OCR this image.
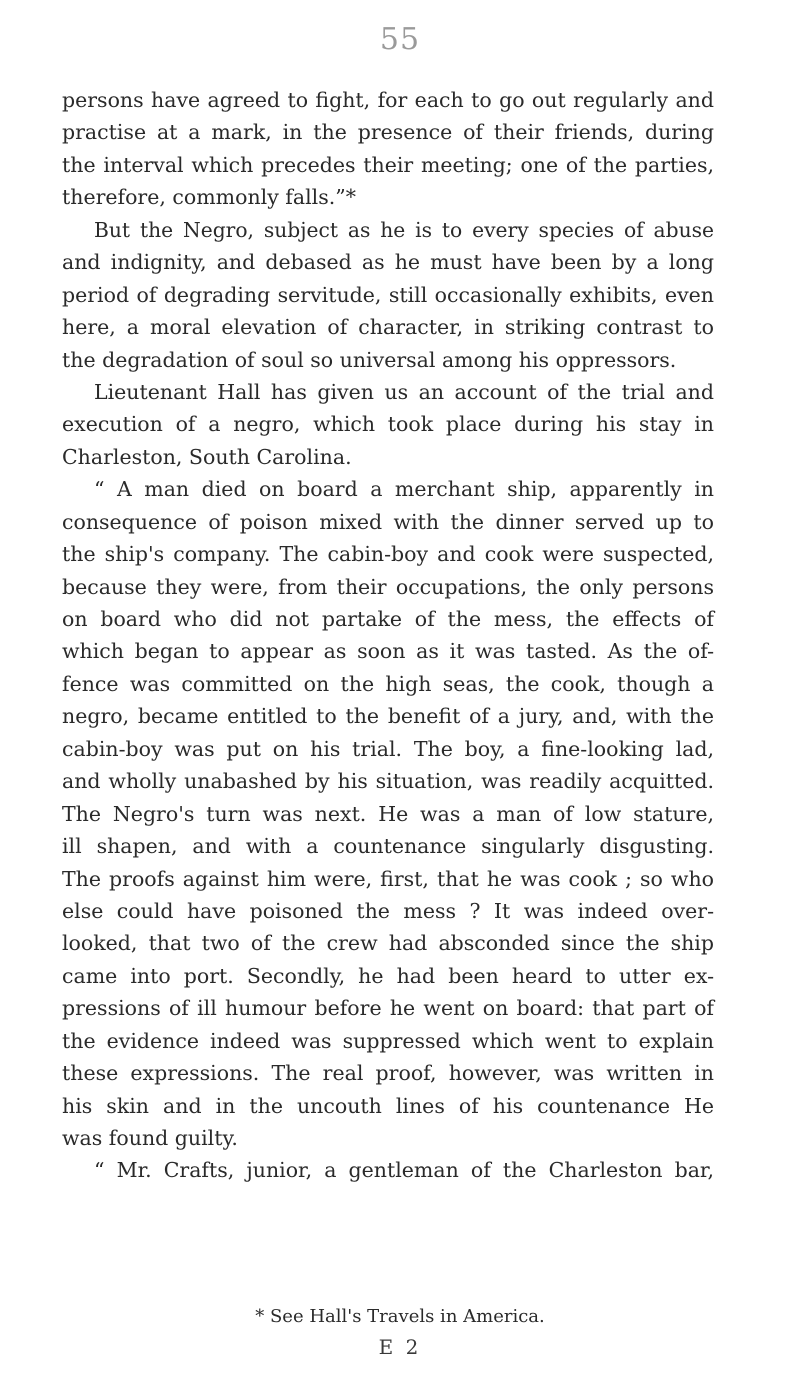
55
persons have agreed to fight, for each to go out regularly and
practise at a mark, in the presence of their friends, during
the interval which precedes their meeting; one of the parties,
therefore, commonly falls.”*
But the Negro, subject as he is to every species of abuse
and indignity, and debased as he must have been by a long
period of degrading servitude, still occasionally exhibits, even
here, a moral elevation of character, in striking contrast to
the degradation of soul so universal among his oppressors.
Lieutenant Hall has given us an account of the trial and
execution of a negro, which took place during his stay in
Charleston, South Carolina.
“ A man died on board a merchant ship, apparently in
consequence of poison mixed with the dinner served up to
the ship's company. The cabin-boy and cook were suspected,
because they were, from their occupations, the only persons
on board who did not partake of the mess, the effects of
which began to appear as soon as it was tasted. As the of-
fence was committed on the high seas, the cook, though a
negro, became entitled to the benefit of a jury, and, with the
cabin-boy was put on his trial. The boy, a fine-looking lad,
and wholly unabashed by his situation, was readily acquitted.
The Negro's turn was next. He was a man of low stature,
ill shapen, and with a countenance singularly disgusting.
The proofs against him were, first, that he was cook ; so who
else could have poisoned the mess ? It was indeed over-
looked, that two of the crew had absconded since the ship
came into port. Secondly, he had been heard to utter ex-
pressions of ill humour before he went on board: that part of
the evidence indeed was suppressed which went to explain
these expressions. The real proof, however, was written in
his skin and in the uncouth lines of his countenance He
was found guilty.
“ Mr. Crafts, junior, a gentleman of the Charleston bar,
* See Hall's Travels in America.
E 2
